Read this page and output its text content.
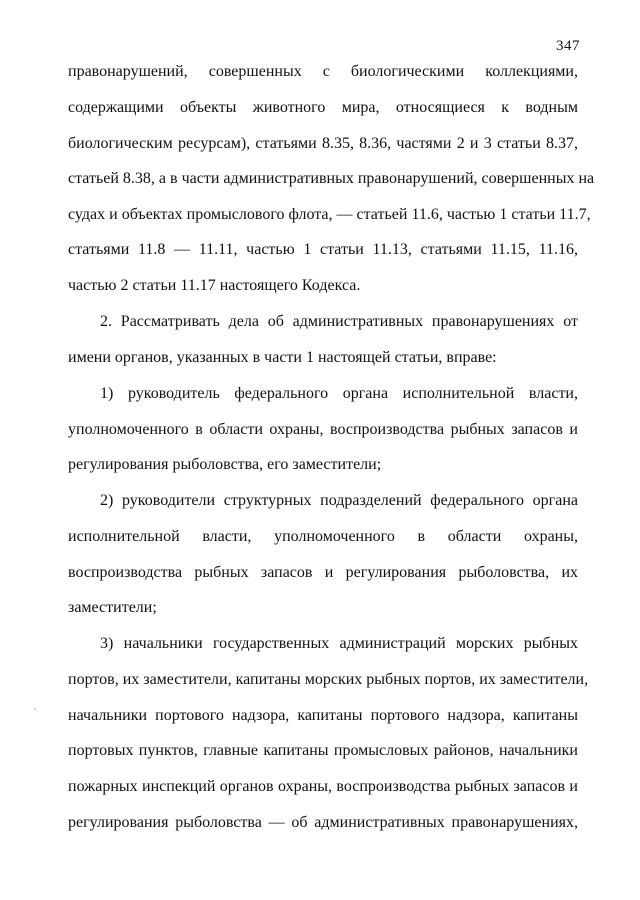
347
правонарушений, совершенных с биологическими коллекциями,
содержащими объекты животного мира, относящиеся к водным
биологическим ресурсам), статьями 8.35, 8.36, частями 2 и 3 статьи 8.37,
статьей 8.38, а в части административных правонарушений, совершенных на
судах и объектах промыслового флота, — статьей 11.6, частью 1 статьи 11.7,
статьями 11.8 — 11.11, частью 1 статьи 11.13, статьями 11.15, 11.16,
частью 2 статьи 11.17 настоящего Кодекса.
2. Рассматривать дела об административных правонарушениях от
имени органов, указанных в части 1 настоящей статьи, вправе:
1) руководитель федерального органа исполнительной власти,
уполномоченного в области охраны, воспроизводства рыбных запасов и
регулирования рыболовства, его заместители;
2) руководители структурных подразделений федерального органа
исполнительной власти, уполномоченного в области охраны,
воспроизводства рыбных запасов и регулирования рыболовства, их
заместители;
3) начальники государственных администраций морских рыбных
портов, их заместители, капитаны морских рыбных портов, их заместители,
начальники портового надзора, капитаны портового надзора, капитаны
портовых пунктов, главные капитаны промысловых районов, начальники
пожарных инспекций органов охраны, воспроизводства рыбных запасов и
регулирования рыболовства — об административных правонарушениях,
